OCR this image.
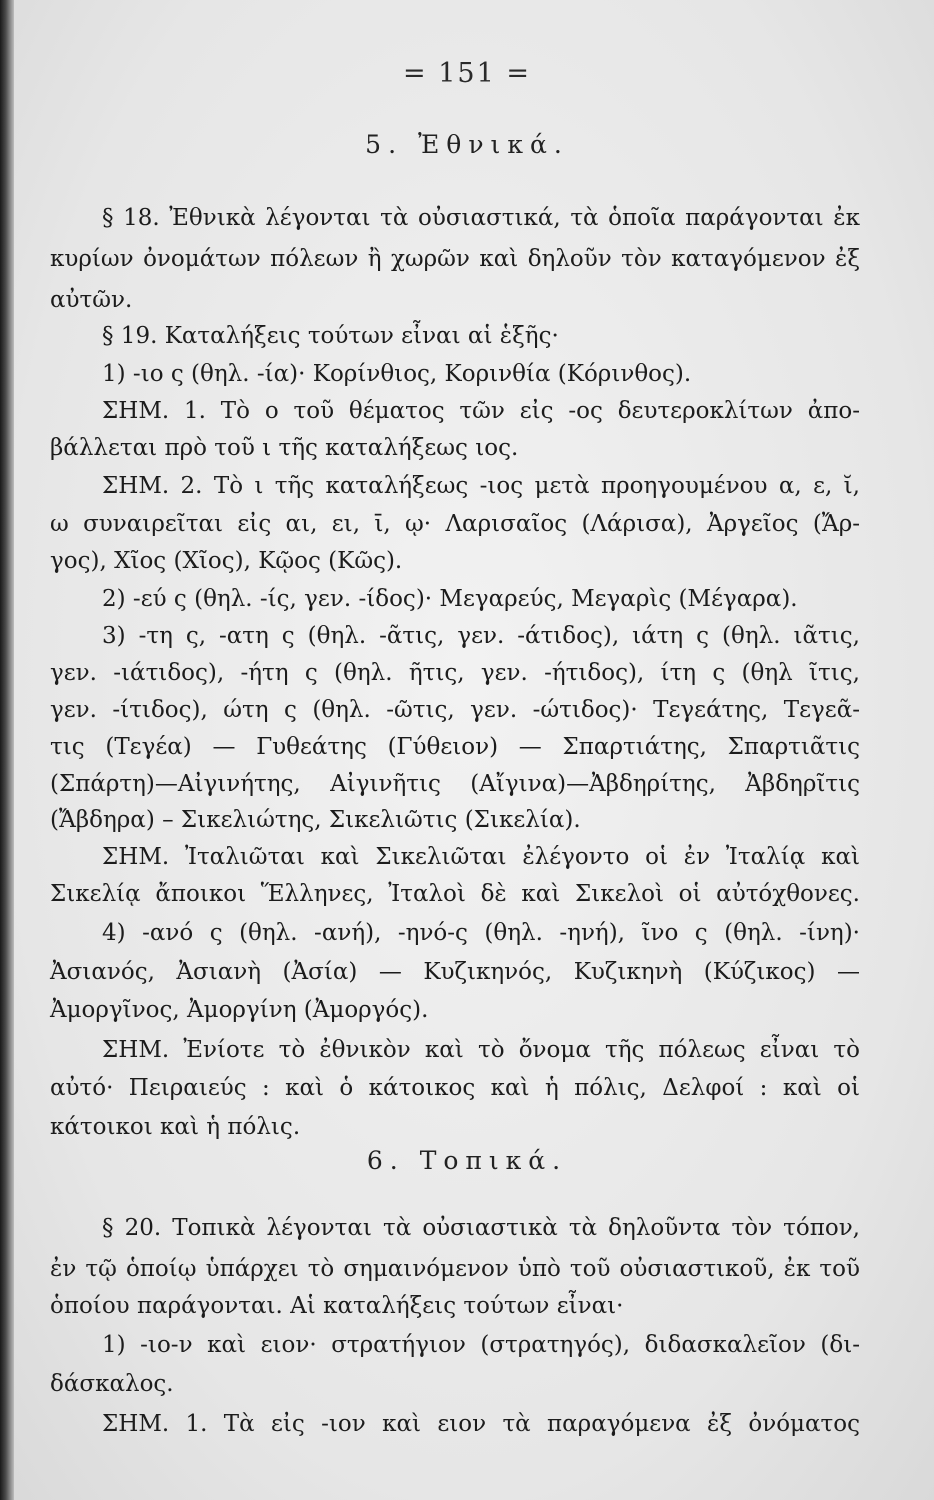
= 151 =
5. Ἐθνικά.
§ 18. Ἐθνικὰ λέγονται τὰ οὐσιαστικά, τὰ ὁποῖα παράγονται ἐκ
κυρίων ὀνομάτων πόλεων ἢ χωρῶν καὶ δηλοῦν τὸν καταγόμενον ἐξ
αὐτῶν.
§ 19. Καταλήξεις τούτων εἶναι αἱ ἑξῆς·
1) -ιο ς (θηλ. -ία)· Κορίνθιος, Κορινθία (Κόρινθος).
ΣΗΜ. 1. Τὸ ο τοῦ θέματος τῶν εἰς -ος δευτεροκλίτων ἀπο-
βάλλεται πρὸ τοῦ ι τῆς καταλήξεως ιος.
ΣΗΜ. 2. Τὸ ι τῆς καταλήξεως -ιος μετὰ προηγουμένου α, ε, ῐ,
ω συναιρεῖται εἰς αι, ει, ῑ, ῳ· Λαρισαῖος (Λάρισα), Ἀργεῖος (Ἄρ-
γος), Χῖος (Χῖος), Κῷος (Κῶς).
2) -εύ ς (θηλ. -ίς, γεν. -ίδος)· Μεγαρεύς, Μεγαρὶς (Μέγαρα).
3) -τη ς, -ατη ς (θηλ. -ᾶτις, γεν. -άτιδος), ιάτη ς (θηλ. ιᾶτις,
γεν. -ιάτιδος), -ήτη ς (θηλ. ῆτις, γεν. -ήτιδος), ίτη ς (θηλ ῖτις,
γεν. -ίτιδος), ώτη ς (θηλ. -ῶτις, γεν. -ώτιδος)· Τεγεάτης, Τεγεᾶ-
τις (Τεγέα) — Γυθεάτης (Γύθειον) — Σπαρτιάτης, Σπαρτιᾶτις
(Σπάρτη)—Αἰγινήτης, Αἰγινῆτις (Αἴγινα)—Ἀβδηρίτης, Ἀβδηρῖτις
(Ἄβδηρα) – Σικελιώτης, Σικελιῶτις (Σικελία).
ΣΗΜ. Ἰταλιῶται καὶ Σικελιῶται ἐλέγοντο οἱ ἐν Ἰταλίᾳ καὶ
Σικελίᾳ ἄποικοι Ἕλληνες, Ἰταλοὶ δὲ καὶ Σικελοὶ οἱ αὐτόχθονες.
4) -ανό ς (θηλ. -ανή), -ηνό-ς (θηλ. -ηνή), ῖνο ς (θηλ. -ίνη)·
Ἀσιανός, Ἀσιανὴ (Ἀσία) — Κυζικηνός, Κυζικηνὴ (Κύζικος) —
Ἀμοργῖνος, Ἀμοργίνη (Ἀμοργός).
ΣΗΜ. Ἐνίοτε τὸ ἐθνικὸν καὶ τὸ ὄνομα τῆς πόλεως εἶναι τὸ
αὐτό· Πειραιεύς : καὶ ὁ κάτοικος καὶ ἡ πόλις, Δελφοί : καὶ οἱ
κάτοικοι καὶ ἡ πόλις.
6. Τοπικά.
§ 20. Τοπικὰ λέγονται τὰ οὐσιαστικὰ τὰ δηλοῦντα τὸν τόπον,
ἐν τῷ ὁποίῳ ὑπάρχει τὸ σημαινόμενον ὑπὸ τοῦ οὐσιαστικοῦ, ἐκ τοῦ
ὁποίου παράγονται. Αἱ καταλήξεις τούτων εἶναι·
1) -ιο-ν καὶ ειον· στρατήγιον (στρατηγός), διδασκαλεῖον (δι-
δάσκαλος.
ΣΗΜ. 1. Τὰ εἰς -ιον καὶ ειον τὰ παραγόμενα ἐξ ὀνόματος
